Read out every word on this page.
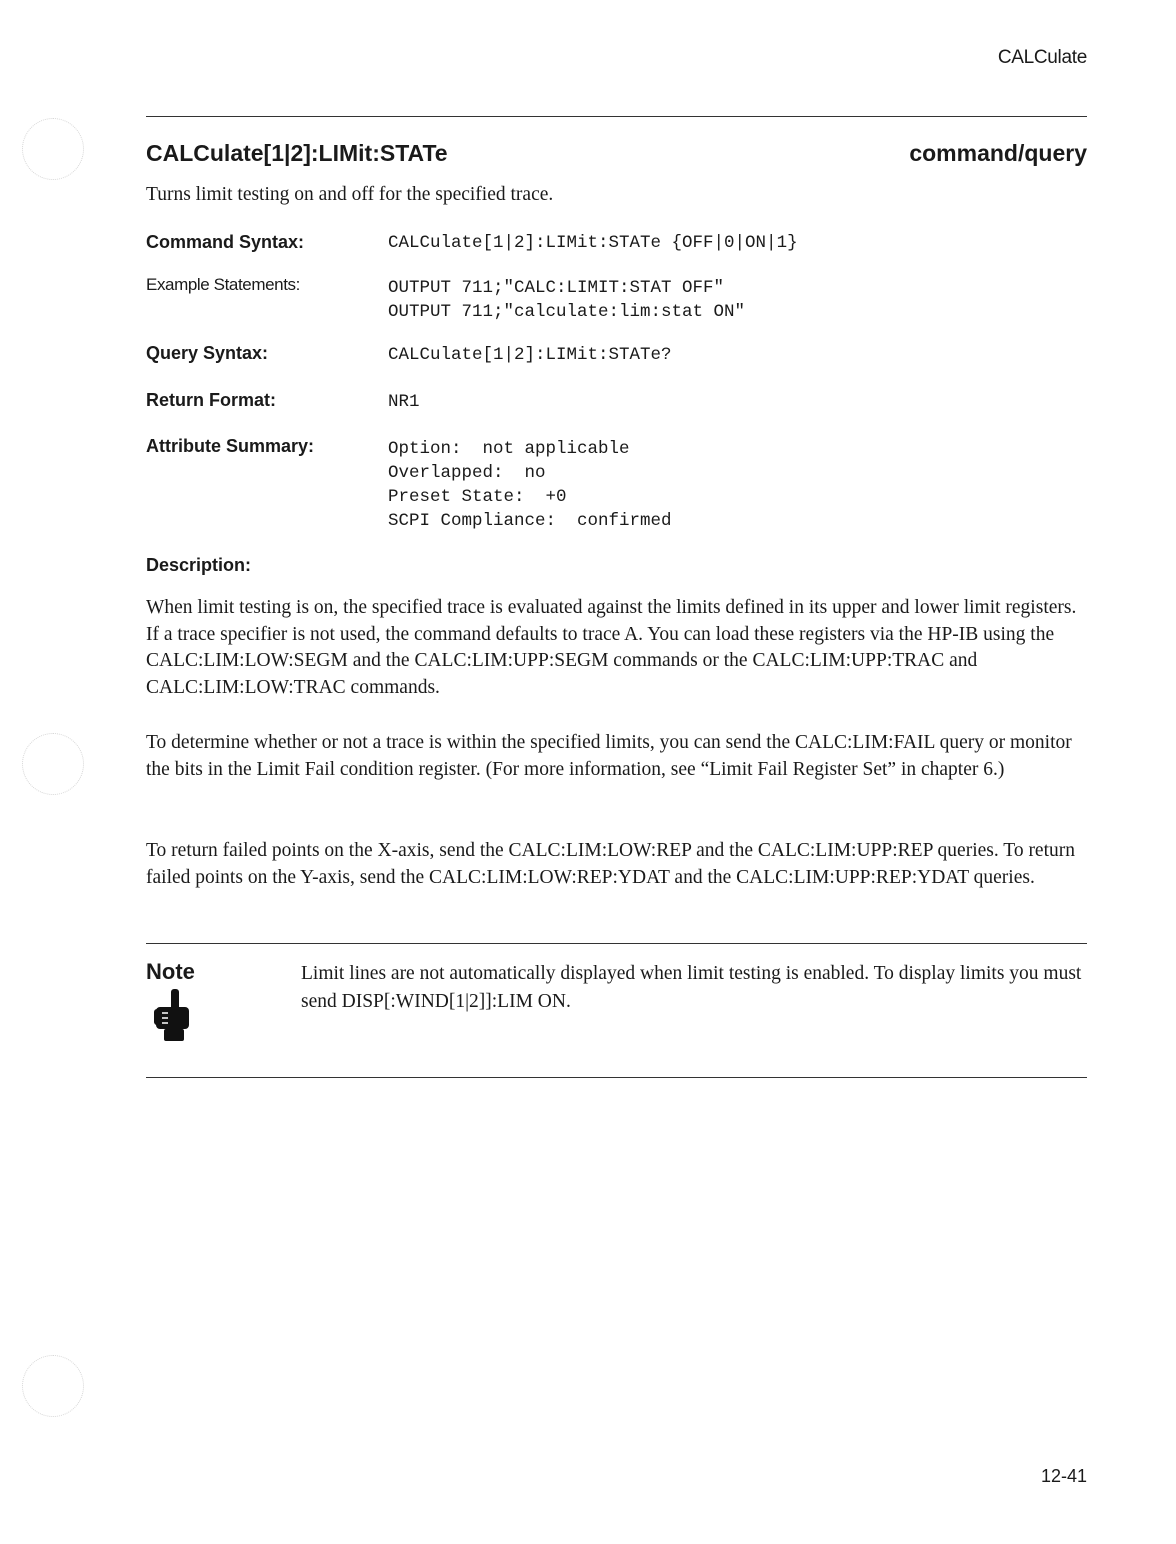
CALCulate
CALCulate[1|2]:LIMit:STATe	command/query
Turns limit testing on and off for the specified trace.
Command Syntax:	CALCulate[1|2]:LIMit:STATe {OFF|0|ON|1}
Example Statements:	OUTPUT 711;"CALC:LIMIT:STAT OFF"
OUTPUT 711;"calculate:lim:stat ON"
Query Syntax:	CALCulate[1|2]:LIMit:STATe?
Return Format:	NR1
Attribute Summary:	Option:  not applicable
Overlapped:  no
Preset State:  +0
SCPI Compliance:  confirmed
Description:
When limit testing is on, the specified trace is evaluated against the limits defined in its upper and lower limit registers. If a trace specifier is not used, the command defaults to trace A. You can load these registers via the HP-IB using the CALC:LIM:LOW:SEGM and the CALC:LIM:UPP:SEGM commands or the CALC:LIM:UPP:TRAC and CALC:LIM:LOW:TRAC commands.
To determine whether or not a trace is within the specified limits, you can send the CALC:LIM:FAIL query or monitor the bits in the Limit Fail condition register. (For more information, see “Limit Fail Register Set” in chapter 6.)
To return failed points on the X-axis, send the CALC:LIM:LOW:REP and the CALC:LIM:UPP:REP queries. To return failed points on the Y-axis, send the CALC:LIM:LOW:REP:YDAT and the CALC:LIM:UPP:REP:YDAT queries.
Note	Limit lines are not automatically displayed when limit testing is enabled. To display limits you must send DISP[:WIND[1|2]]:LIM ON.
12-41
